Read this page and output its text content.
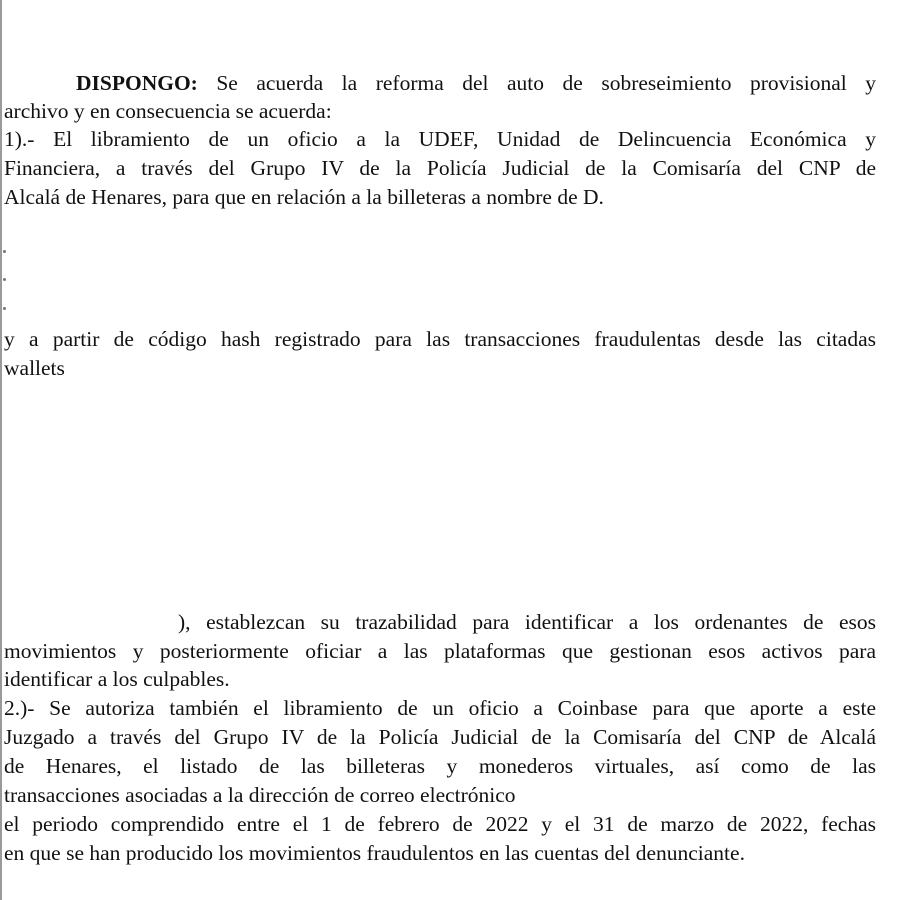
DISPONGO: Se acuerda la reforma del auto de sobreseimiento provisional y
archivo y en consecuencia se acuerda:
1).- El libramiento de un oficio a la UDEF, Unidad de Delincuencia Económica y
Financiera, a través del Grupo IV de la Policía Judicial de la Comisaría del CNP de
Alcalá de Henares, para que en relación a la billeteras a nombre de D.
y a partir de código hash registrado para las transacciones fraudulentas desde las citadas
wallets
), establezcan su trazabilidad para identificar a los ordenantes de esos
movimientos y posteriormente oficiar a las plataformas que gestionan esos activos para
identificar a los culpables.
2.)- Se autoriza también el libramiento de un oficio a Coinbase para que aporte a este
Juzgado a través del Grupo IV de la Policía Judicial de la Comisaría del CNP de Alcalá
de Henares, el listado de las billeteras y monederos virtuales, así como de las
transacciones asociadas a la dirección de correo electrónico
el periodo comprendido entre el 1 de febrero de 2022 y el 31 de marzo de 2022, fechas
en que se han producido los movimientos fraudulentos en las cuentas del denunciante.
